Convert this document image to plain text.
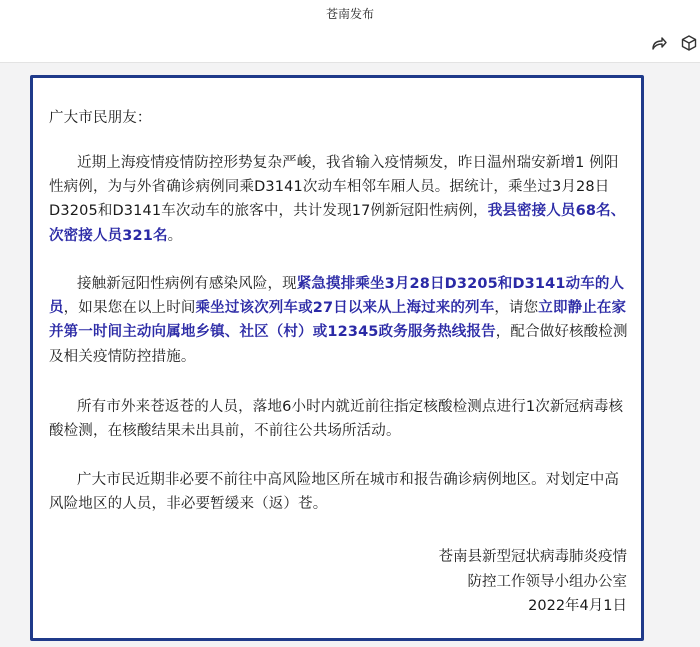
苍南发布
广大市民朋友：
近期上海疫情疫情防控形势复杂严峻，我省输入疫情频发，昨日温州瑞安新增1 例阳性病例，为与外省确诊病例同乘D3141次动车相邻车厢人员。据统计，乘坐过3月28日D3205和D3141车次动车的旅客中，共计发现17例新冠阳性病例，我县密接人员68名、次密接人员321名。
接触新冠阳性病例有感染风险，现紧急摸排乘坐3月28日D3205和D3141动车的人员，如果您在以上时间乘坐过该次列车或27日以来从上海过来的列车，请您立即静止在家并第一时间主动向属地乡镇、社区（村）或12345政务服务热线报告，配合做好核酸检测及相关疫情防控措施。
所有市外来苍返苍的人员，落地6小时内就近前往指定核酸检测点进行1次新冠病毒核酸检测，在核酸结果未出具前，不前往公共场所活动。
广大市民近期非必要不前往中高风险地区所在城市和报告确诊病例地区。对划定中高风险地区的人员，非必要暂缓来（返）苍。
苍南县新型冠状病毒肺炎疫情
防控工作领导小组办公室
2022年4月1日
